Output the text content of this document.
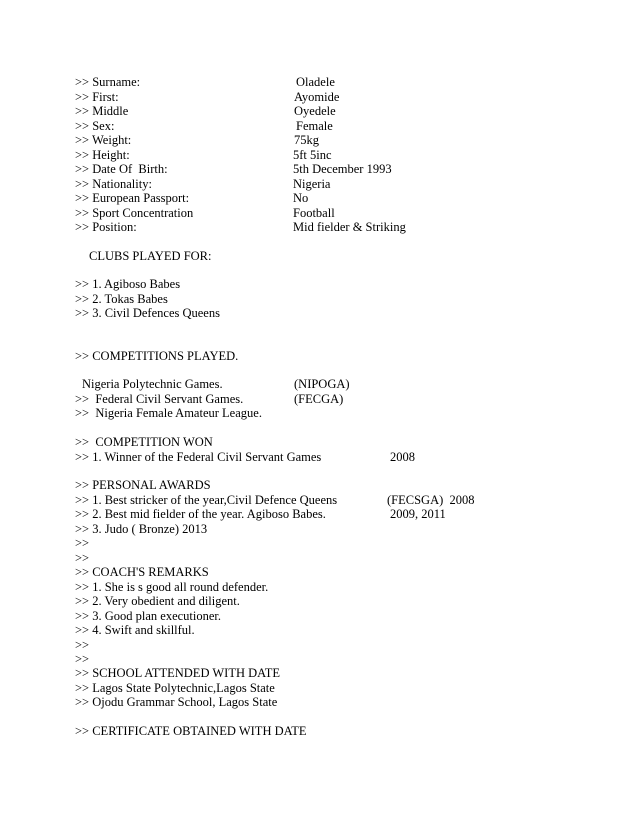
>> Surname:	Oladele
>> First:	Ayomide
>> Middle	Oyedele
>> Sex:	Female
>> Weight:	75kg
>> Height:	5ft 5inc
>> Date Of  Birth:	5th December 1993
>> Nationality:	Nigeria
>> European Passport:	No
>> Sport Concentration	Football
>> Position:	Mid fielder & Striking
CLUBS PLAYED FOR:
>> 1. Agiboso Babes
>> 2. Tokas Babes
>> 3. Civil Defences Queens
>> COMPETITIONS PLAYED.
Nigeria Polytechnic Games.	(NIPOGA)
>>  Federal Civil Servant Games.	(FECGA)
>>  Nigeria Female Amateur League.
>>  COMPETITION WON
>> 1. Winner of the Federal Civil Servant Games	2008
>> PERSONAL AWARDS
>> 1. Best stricker of the year,Civil Defence Queens	(FECSGA)  2008
>> 2. Best mid fielder of the year. Agiboso Babes.	2009, 2011
>> 3. Judo ( Bronze) 2013
>>
>>
>> COACH'S REMARKS
>> 1. She is s good all round defender.
>> 2. Very obedient and diligent.
>> 3. Good plan executioner.
>> 4. Swift and skillful.
>>
>>
>> SCHOOL ATTENDED WITH DATE
>> Lagos State Polytechnic,Lagos State
>> Ojodu Grammar School, Lagos State
>> CERTIFICATE OBTAINED WITH DATE
